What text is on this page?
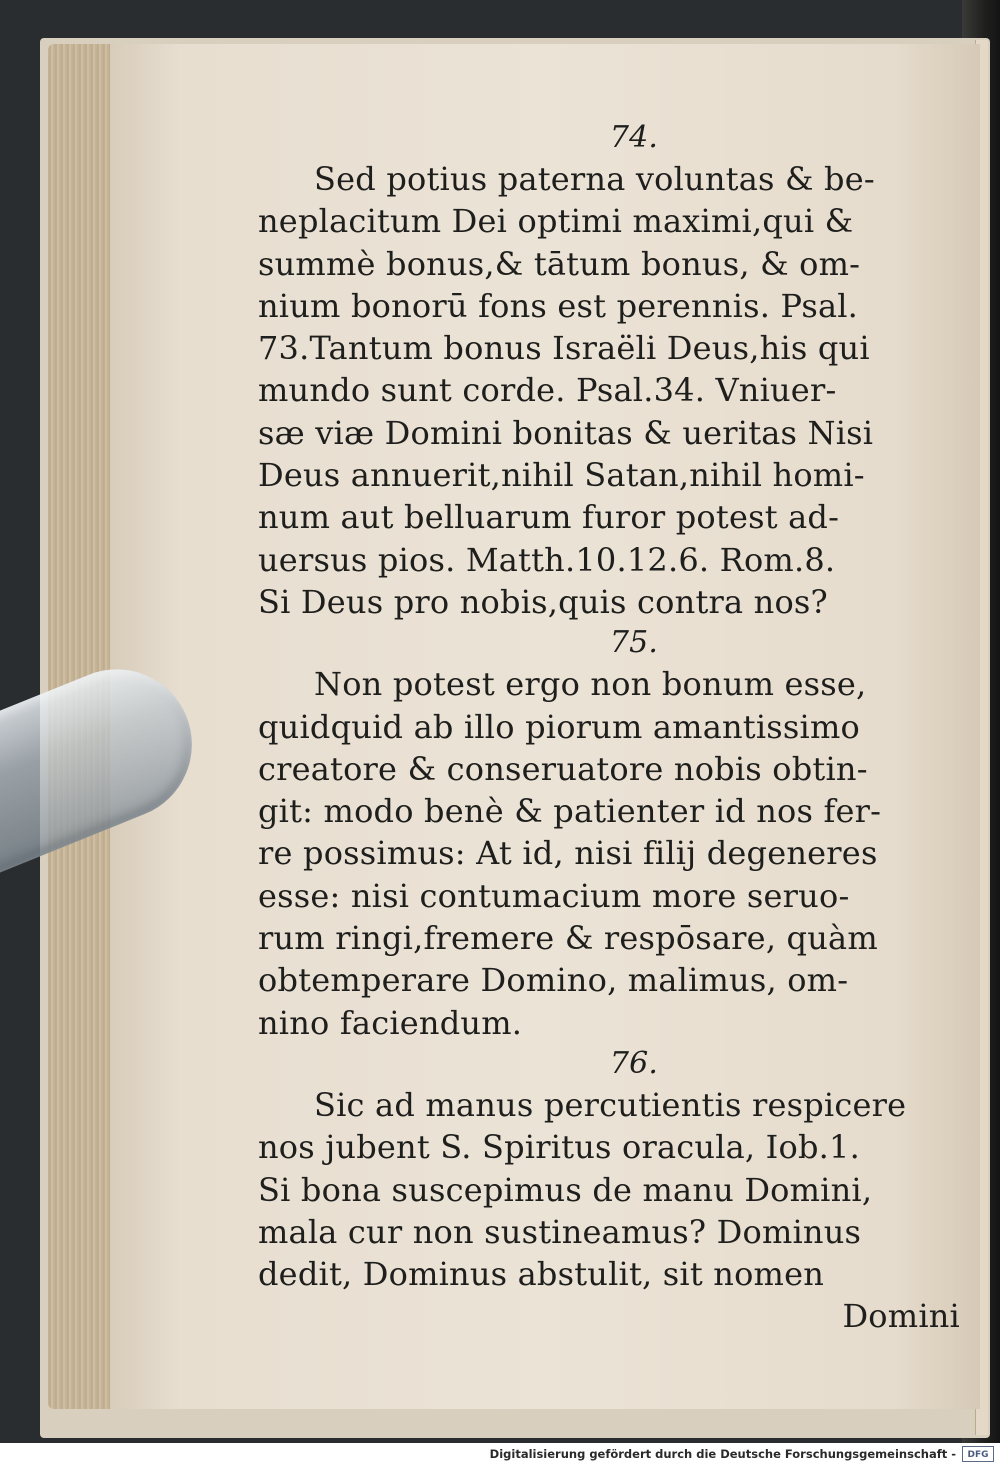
74.
Sed potius paterna voluntas & be-
neplacitum Dei optimi maximi,qui &
summè bonus,& tātum bonus, & om-
nium bonorū fons est perennis. Psal.
73.Tantum bonus Israëli Deus,his qui
mundo sunt corde. Psal.34. Vniuer-
sæ viæ Domini bonitas & ueritas Nisi
Deus annuerit,nihil Satan,nihil homi-
num aut belluarum furor potest ad-
uersus pios. Matth.10.12.6. Rom.8.
Si Deus pro nobis,quis contra nos?
75.
Non potest ergo non bonum esse,
quidquid ab illo piorum amantissimo
creatore & conseruatore nobis obtin-
git: modo benè & patienter id nos fer-
re possimus: At id, nisi filij degeneres
esse: nisi contumacium more seruo-
rum ringi,fremere & respōsare, quàm
obtemperare Domino, malimus, om-
nino faciendum.
76.
Sic ad manus percutientis respicere
nos jubent S. Spiritus oracula, Iob.1.
Si bona suscepimus de manu Domini,
mala cur non sustineamus? Dominus
dedit, Dominus abstulit, sit nomen
Domini
Digitalisierung gefördert durch die Deutsche Forschungsgemeinschaft -	DFG
